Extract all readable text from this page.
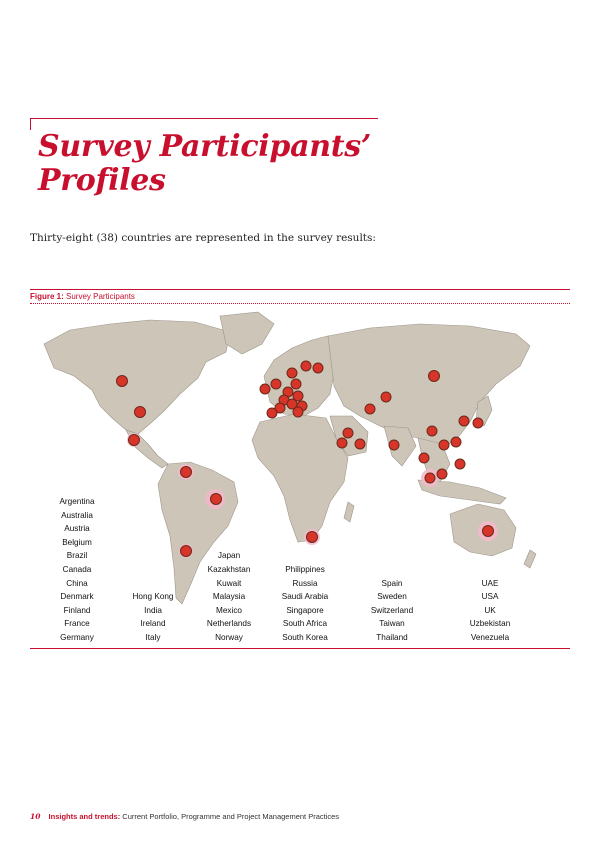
Survey Participants’
Profiles
Thirty-eight (38) countries are represented in the survey results:
Figure 1: Survey Participants
Argentina
Australia
Austria
Belgium
Brazil
Canada
China
Denmark
Finland
France
Germany
Hong Kong
India
Ireland
Italy
Japan
Kazakhstan
Kuwait
Malaysia
Mexico
Netherlands
Norway
Philippines
Russia
Saudi Arabia
Singapore
South Africa
South Korea
Spain
Sweden
Switzerland
Taiwan
Thailand
UAE
USA
UK
Uzbekistan
Venezuela
10 Insights and trends: Current Portfolio, Programme and Project Management Practices
